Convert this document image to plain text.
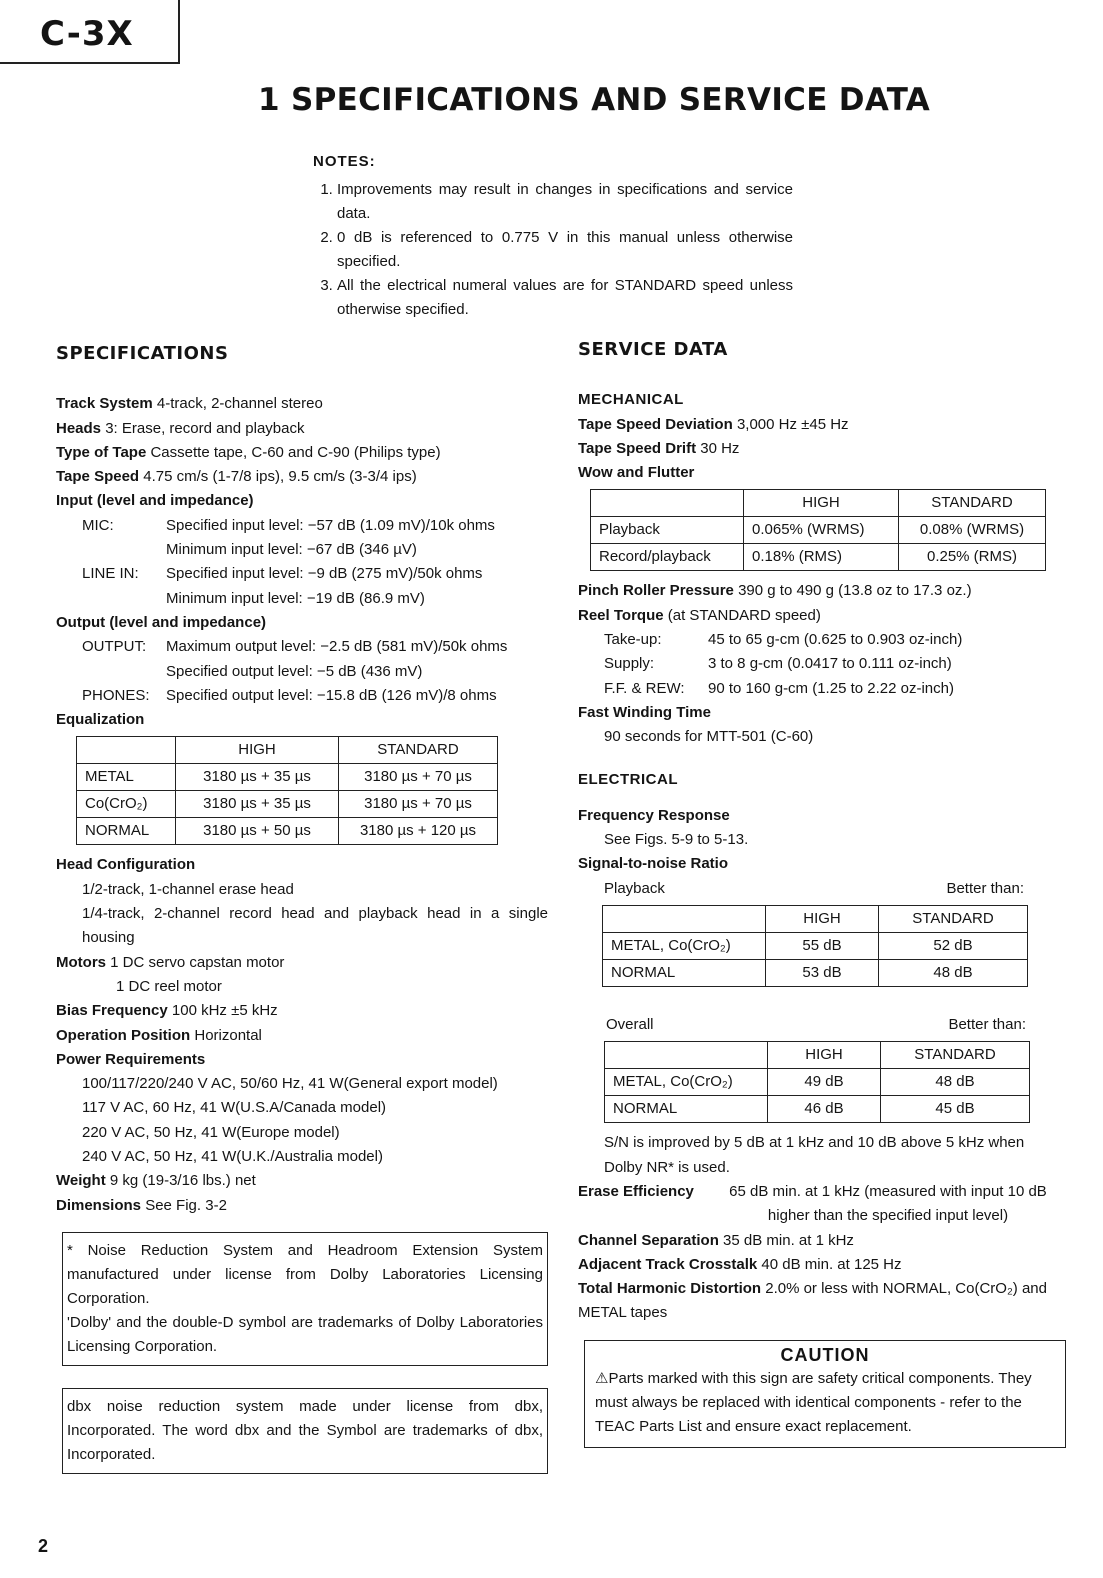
C-3X
1 SPECIFICATIONS AND SERVICE DATA
NOTES:
1. Improvements may result in changes in specifications and service data.
2. 0 dB is referenced to 0.775 V in this manual unless otherwise specified.
3. All the electrical numeral values are for STANDARD speed unless otherwise specified.
SPECIFICATIONS
Track System 4-track, 2-channel stereo
Heads 3: Erase, record and playback
Type of Tape Cassette tape, C-60 and C-90 (Philips type)
Tape Speed 4.75 cm/s (1-7/8 ips), 9.5 cm/s (3-3/4 ips)
Input (level and impedance)
MIC:	Specified input level: −57 dB (1.09 mV)/10k ohms
Minimum input level: −67 dB (346 µV)
LINE IN:	Specified input level: −9 dB (275 mV)/50k ohms
Minimum input level: −19 dB (86.9 mV)
Output (level and impedance)
OUTPUT:	Maximum output level: −2.5 dB (581 mV)/50k ohms
Specified output level: −5 dB (436 mV)
PHONES:	Specified output level: −15.8 dB (126 mV)/8 ohms
Equalization
	HIGH	STANDARD
METAL	3180 µs + 35 µs	3180 µs + 70 µs
Co(CrO₂)	3180 µs + 35 µs	3180 µs + 70 µs
NORMAL	3180 µs + 50 µs	3180 µs + 120 µs
Head Configuration
1/2-track, 1-channel erase head
1/4-track, 2-channel record head and playback head in a single housing
Motors 1 DC servo capstan motor
1 DC reel motor
Bias Frequency 100 kHz ±5 kHz
Operation Position Horizontal
Power Requirements
100/117/220/240 V AC, 50/60 Hz, 41 W(General export model)
117 V AC, 60 Hz, 41 W(U.S.A/Canada model)
220 V AC, 50 Hz, 41 W(Europe model)
240 V AC, 50 Hz, 41 W(U.K./Australia model)
Weight 9 kg (19-3/16 lbs.) net
Dimensions See Fig. 3-2
* Noise Reduction System and Headroom Extension System manufactured under license from Dolby Laboratories Licensing Corporation.
'Dolby' and the double-D symbol are trademarks of Dolby Laboratories Licensing Corporation.
dbx noise reduction system made under license from dbx, Incorporated. The word dbx and the Symbol are trademarks of dbx, Incorporated.
SERVICE DATA
MECHANICAL
Tape Speed Deviation 3,000 Hz ±45 Hz
Tape Speed Drift 30 Hz
Wow and Flutter
	HIGH	STANDARD
Playback	0.065% (WRMS)	0.08% (WRMS)
Record/playback	0.18% (RMS)	0.25% (RMS)
Pinch Roller Pressure 390 g to 490 g (13.8 oz to 17.3 oz.)
Reel Torque (at STANDARD speed)
Take-up:	45 to 65 g-cm (0.625 to 0.903 oz-inch)
Supply:	3 to 8 g-cm (0.0417 to 0.111 oz-inch)
F.F. & REW:	90 to 160 g-cm (1.25 to 2.22 oz-inch)
Fast Winding Time
90 seconds for MTT-501 (C-60)
ELECTRICAL
Frequency Response
See Figs. 5-9 to 5-13.
Signal-to-noise Ratio
Playback	Better than:
	HIGH	STANDARD
METAL, Co(CrO₂)	55 dB	52 dB
NORMAL	53 dB	48 dB
Overall	Better than:
	HIGH	STANDARD
METAL, Co(CrO₂)	49 dB	48 dB
NORMAL	46 dB	45 dB
S/N is improved by 5 dB at 1 kHz and 10 dB above 5 kHz when Dolby NR* is used.
Erase Efficiency	65 dB min. at 1 kHz (measured with input 10 dB higher than the specified input level)
Channel Separation 35 dB min. at 1 kHz
Adjacent Track Crosstalk 40 dB min. at 125 Hz
Total Harmonic Distortion 2.0% or less with NORMAL, Co(CrO₂) and METAL tapes
CAUTION
⚠Parts marked with this sign are safety critical components. They must always be replaced with identical components - refer to the TEAC Parts List and ensure exact replacement.
2
